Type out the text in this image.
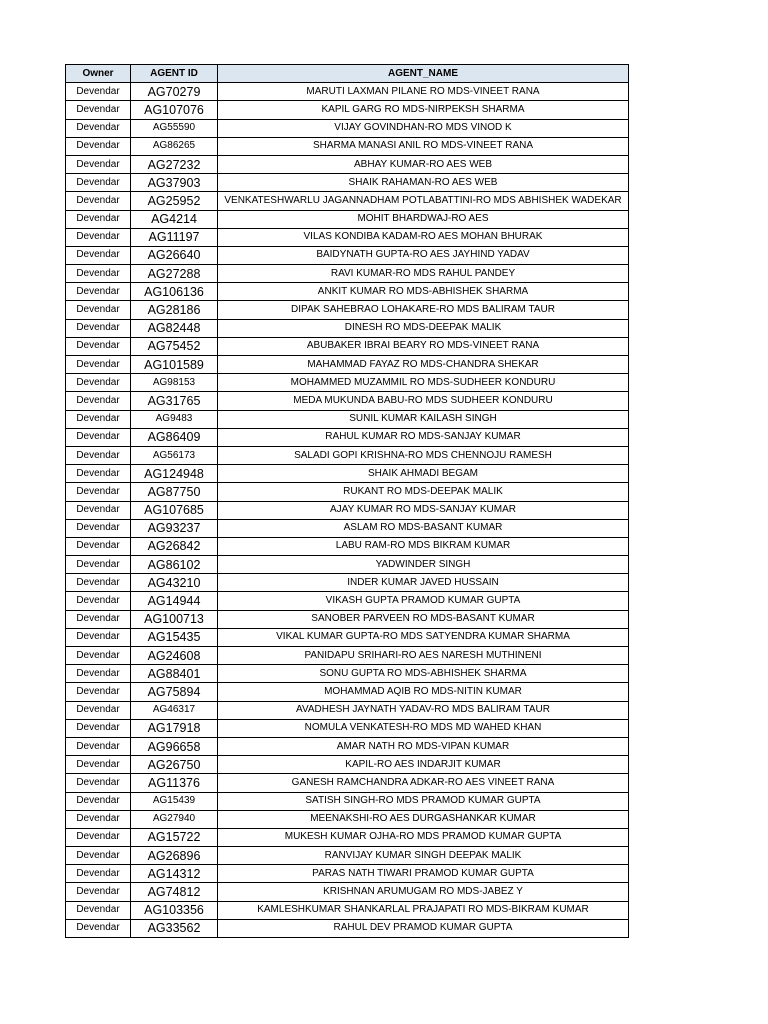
Owner	AGENT ID	AGENT_NAME
Devendar	AG70279	MARUTI LAXMAN PILANE RO MDS-VINEET RANA
Devendar	AG107076	KAPIL GARG RO MDS-NIRPEKSH SHARMA
Devendar	AG55590	VIJAY GOVINDHAN-RO MDS VINOD K
Devendar	AG86265	SHARMA MANASI ANIL RO MDS-VINEET RANA
Devendar	AG27232	ABHAY KUMAR-RO AES WEB
Devendar	AG37903	SHAIK RAHAMAN-RO AES WEB
Devendar	AG25952	VENKATESHWARLU JAGANNADHAM POTLABATTINI-RO MDS ABHISHEK WADEKAR
Devendar	AG4214	MOHIT BHARDWAJ-RO AES
Devendar	AG11197	VILAS KONDIBA KADAM-RO AES MOHAN BHURAK
Devendar	AG26640	BAIDYNATH GUPTA-RO AES JAYHIND YADAV
Devendar	AG27288	RAVI KUMAR-RO MDS RAHUL PANDEY
Devendar	AG106136	ANKIT KUMAR RO MDS-ABHISHEK SHARMA
Devendar	AG28186	DIPAK SAHEBRAO LOHAKARE-RO MDS BALIRAM TAUR
Devendar	AG82448	DINESH RO MDS-DEEPAK MALIK
Devendar	AG75452	ABUBAKER IBRAI BEARY RO MDS-VINEET RANA
Devendar	AG101589	MAHAMMAD FAYAZ RO MDS-CHANDRA SHEKAR
Devendar	AG98153	MOHAMMED MUZAMMIL RO MDS-SUDHEER KONDURU
Devendar	AG31765	MEDA MUKUNDA BABU-RO MDS SUDHEER KONDURU
Devendar	AG9483	SUNIL KUMAR KAILASH SINGH
Devendar	AG86409	RAHUL KUMAR RO MDS-SANJAY KUMAR
Devendar	AG56173	SALADI GOPI KRISHNA-RO MDS CHENNOJU RAMESH
Devendar	AG124948	SHAIK AHMADI BEGAM
Devendar	AG87750	RUKANT RO MDS-DEEPAK MALIK
Devendar	AG107685	AJAY KUMAR RO MDS-SANJAY KUMAR
Devendar	AG93237	ASLAM RO MDS-BASANT KUMAR
Devendar	AG26842	LABU RAM-RO MDS BIKRAM KUMAR
Devendar	AG86102	YADWINDER SINGH
Devendar	AG43210	INDER KUMAR JAVED HUSSAIN
Devendar	AG14944	VIKASH GUPTA PRAMOD KUMAR GUPTA
Devendar	AG100713	SANOBER PARVEEN RO MDS-BASANT KUMAR
Devendar	AG15435	VIKAL KUMAR GUPTA-RO MDS SATYENDRA KUMAR SHARMA
Devendar	AG24608	PANIDAPU SRIHARI-RO AES NARESH MUTHINENI
Devendar	AG88401	SONU GUPTA RO MDS-ABHISHEK SHARMA
Devendar	AG75894	MOHAMMAD AQIB RO MDS-NITIN KUMAR
Devendar	AG46317	AVADHESH JAYNATH YADAV-RO MDS BALIRAM TAUR
Devendar	AG17918	NOMULA VENKATESH-RO MDS MD WAHED KHAN
Devendar	AG96658	AMAR NATH RO MDS-VIPAN KUMAR
Devendar	AG26750	KAPIL-RO AES INDARJIT KUMAR
Devendar	AG11376	GANESH RAMCHANDRA ADKAR-RO AES VINEET RANA
Devendar	AG15439	SATISH SINGH-RO MDS PRAMOD KUMAR GUPTA
Devendar	AG27940	MEENAKSHI-RO AES DURGASHANKAR KUMAR
Devendar	AG15722	MUKESH KUMAR OJHA-RO MDS PRAMOD KUMAR GUPTA
Devendar	AG26896	RANVIJAY KUMAR SINGH DEEPAK MALIK
Devendar	AG14312	PARAS NATH TIWARI PRAMOD KUMAR GUPTA
Devendar	AG74812	KRISHNAN ARUMUGAM RO MDS-JABEZ Y
Devendar	AG103356	KAMLESHKUMAR SHANKARLAL PRAJAPATI RO MDS-BIKRAM KUMAR
Devendar	AG33562	RAHUL DEV PRAMOD KUMAR GUPTA
